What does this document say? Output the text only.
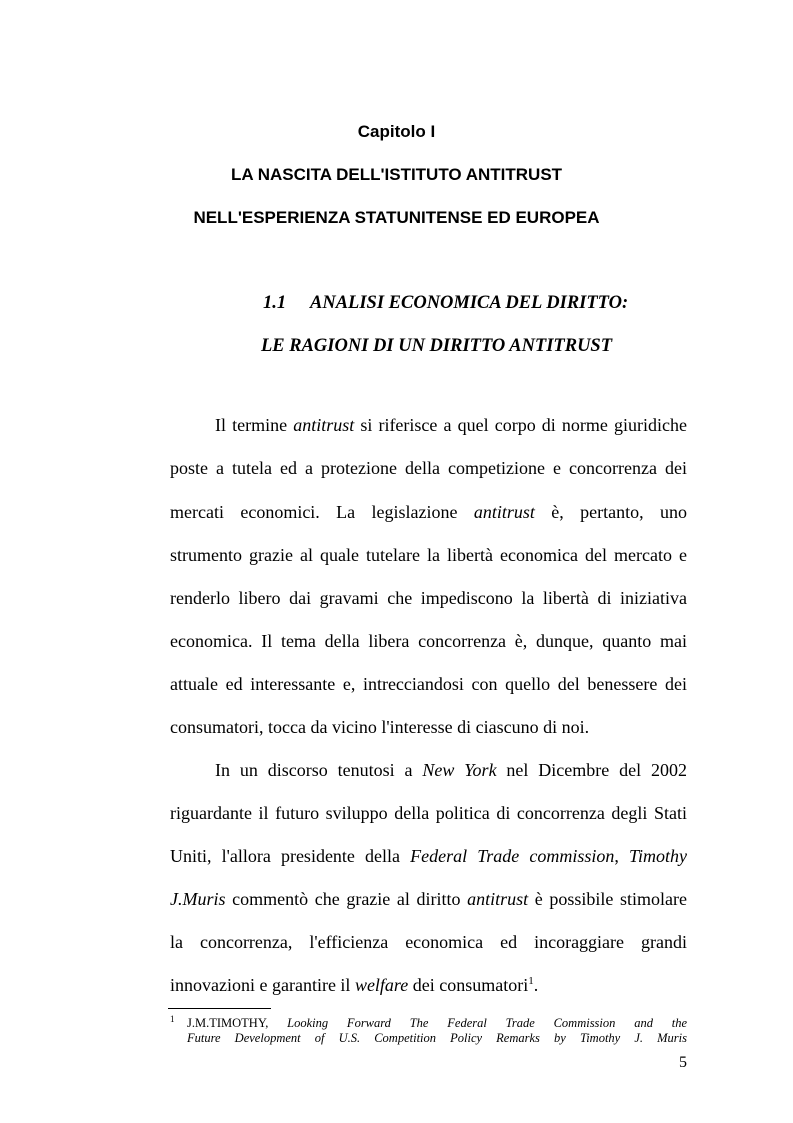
Capitolo I
LA NASCITA DELL'ISTITUTO ANTITRUST
NELL'ESPERIENZA STATUNITENSE ED EUROPEA
1.1 ANALISI ECONOMICA DEL DIRITTO:
LE RAGIONI DI UN DIRITTO ANTITRUST
Il termine antitrust si riferisce a quel corpo di norme giuridiche
poste a tutela ed a protezione della competizione e concorrenza dei
mercati economici. La legislazione antitrust è, pertanto, uno
strumento grazie al quale tutelare la libertà economica del mercato e
renderlo libero dai gravami che impediscono la libertà di iniziativa
economica. Il tema della libera concorrenza è, dunque, quanto mai
attuale ed interessante e, intrecciandosi con quello del benessere dei
consumatori, tocca da vicino l'interesse di ciascuno di noi.
In un discorso tenutosi a New York nel Dicembre del 2002
riguardante il futuro sviluppo della politica di concorrenza degli Stati
Uniti, l'allora presidente della Federal Trade commission, Timothy
J.Muris commentò che grazie al diritto antitrust è possibile stimolare
la concorrenza, l'efficienza economica ed incoraggiare grandi
innovazioni e garantire il welfare dei consumatori$^1$.
1 J.M.TIMOTHY, Looking Forward The Federal Trade Commission and the
Future Development of U.S. Competition Policy Remarks by Timothy J. Muris
5
